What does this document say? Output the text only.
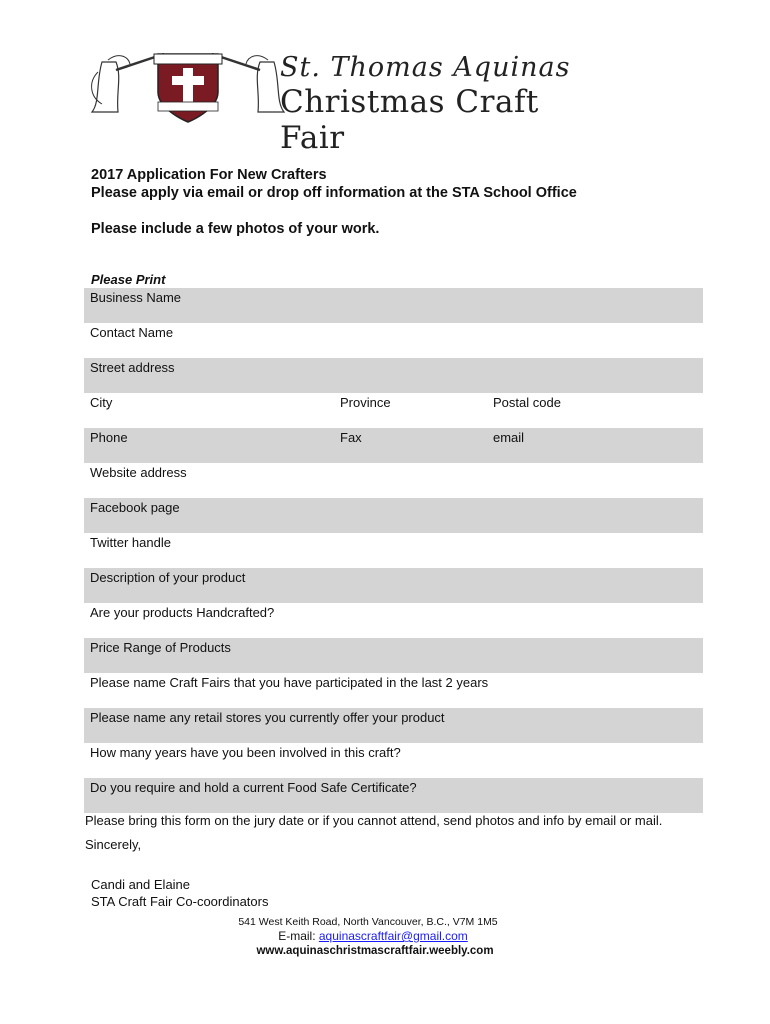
St. Thomas Aquinas
Christmas Craft Fair
2017 Application For New Crafters
Please apply via email or drop off information at the STA School Office
Please include a few photos of your work.
Please Print
Business Name
Contact Name
Street address
City	Province	Postal code
Phone	Fax	email
Website address
Facebook page
Twitter handle
Description of your product
Are your products Handcrafted?
Price Range of Products
Please name Craft Fairs that you have participated in the last 2 years
Please name any retail stores you currently offer your product
How many years have you been involved in this craft?
Do you require and hold a current Food Safe Certificate?
Please bring this form on the jury date or if you cannot attend, send photos and info by email or mail.
Sincerely,
Candi and Elaine
STA Craft Fair Co-coordinators
541 West Keith Road, North Vancouver, B.C., V7M 1M5
E-mail: aquinascraftfair@gmail.com
www.aquinaschristmascraftfair.weebly.com
